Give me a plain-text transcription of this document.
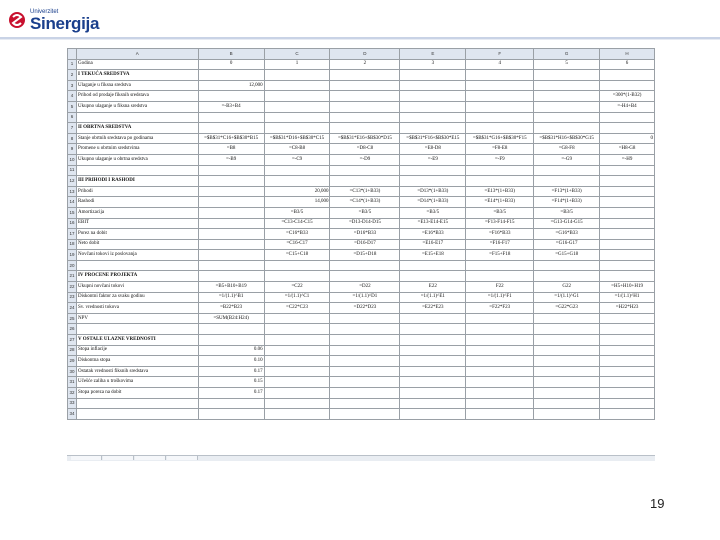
Univerzitet
Sinergija
	A	B	C	D	E	F	G	H
1	Godina	0	1	2	3	4	5	6
2	I TEKUĆA SREDSTVA							
3	Ulaganje u fiksna sredstva	12,000						
4	Prihod od prodaje fiksnih sredstava							=300*(1-B32)
5	Ukupno ulaganje u fiksna sredstva	=-B3+B4						=-H4+B4
6								
7	II OBRTNA SREDSTVA							
8	Stanje obrtnih sredstava po godinama	=$B$31*C16+$B$30*B15	=$B$31*D16+$B$30*C15	=$B$31*E16+$B$30*D15	=$B$31*F16+$B$30*E15	=$B$31*G16+$B$30*F15	=$B$31*H16+$B$30*G15	0
9	Promene u obrtnim sredstvima	=B8	=C8-B8	=D8-C8	=E8-D8	=F8-E8	=G8-F8	=H8-G8
10	Ukupno ulaganje u obrtna sredstva	=-B9	=-C9	=-D9	=-E9	=-F9	=-G9	=-H9
11								
12	III PRIHODI I RASHODI							
13	Prihodi		20,000	=C13*(1+B33)	=D13*(1+B33)	=E13*(1+B33)	=F13*(1+B33)	
14	Rashodi		14,000	=C14*(1+B33)	=D14*(1+B33)	=E14*(1+B33)	=F14*(1+B33)	
15	Amortizacija		=B3/5	=B3/5	=B3/5	=B3/5	=B3/5	
16	EBIT		=C13-C14-C15	=D13-D14-D15	=E13-E14-E15	=F13-F14-F15	=G13-G14-G15	
17	Porez na dobit		=C16*B33	=D16*B33	=E16*B33	=F16*B33	=G16*B33	
18	Neto dobit		=C16-C17	=D16-D17	=E16-E17	=F16-F17	=G16-G17	
19	Novčani tokovi iz poslovanja		=C15+C18	=D15+D18	=E15+E18	=F15+F18	=G15+G18	
20								
21	IV PROCENE PROJEKTA							
22	Ukupni novčani tokovi	=B5+B10+B19	=C22	=D22	E22	F22	G22	=H5+H10+H19
23	Diskontni faktor za svaku godinu	=1/(1.1)^B1	=1/(1.1)^C1	=1/(1.1)^D1	=1/(1.1)^E1	=1/(1.1)^F1	=1/(1.1)^G1	=1/(1.1)^H1
24	Sv. vrednosti tokova	=B22*B23	=C22*C23	=D22*D23	=E22*E23	=F22*F23	=G22*G23	=H22*H23
25	NPV	=SUM(B24:H24)						
26								
27	V OSTALE ULAZNE VREDNOSTI							
28	Stopa inflacije	0.06						
29	Diskontna stopa	0.10						
30	Ostatak vrednosti fiksnih sredstava	0.17						
31	Učešće zaliha u troškovima	0.15						
32	Stopa poreza na dobit	0.17						
33								
34								
19
